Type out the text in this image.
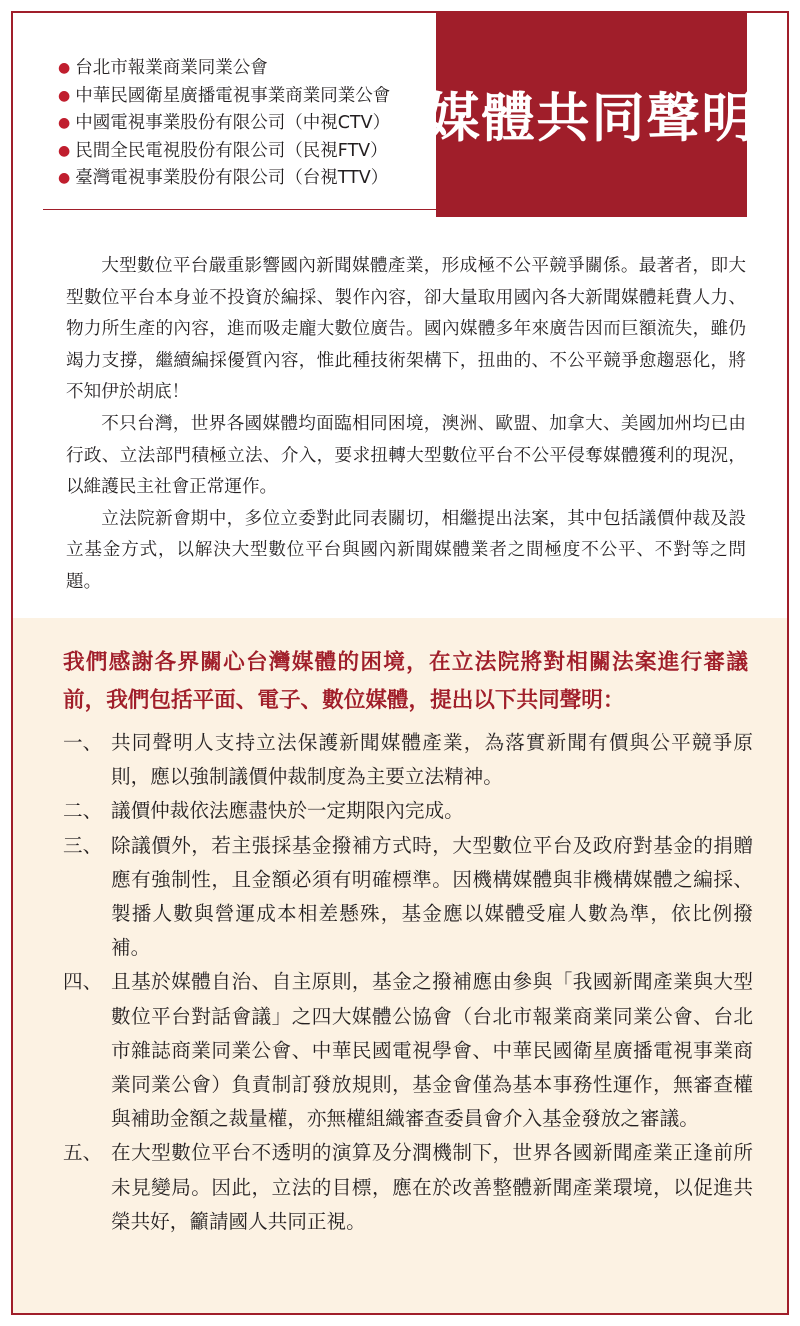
● 台北市報業商業同業公會
● 中華民國衛星廣播電視事業商業同業公會
● 中國電視事業股份有限公司（中視CTV）
● 民間全民電視股份有限公司（民視FTV）
● 臺灣電視事業股份有限公司（台視TTV）
媒體共同聲明

大型數位平台嚴重影響國內新聞媒體產業，形成極不公平競爭關係。最著者，即大型數位平台本身並不投資於編採、製作內容，卻大量取用國內各大新聞媒體耗費人力、物力所生產的內容，進而吸走龐大數位廣告。國內媒體多年來廣告因而巨額流失，雖仍竭力支撐，繼續編採優質內容，惟此種技術架構下，扭曲的、不公平競爭愈趨惡化，將不知伊於胡底！

不只台灣，世界各國媒體均面臨相同困境，澳洲、歐盟、加拿大、美國加州均已由行政、立法部門積極立法、介入，要求扭轉大型數位平台不公平侵奪媒體獲利的現況，以維護民主社會正常運作。

立法院新會期中，多位立委對此同表關切，相繼提出法案，其中包括議價仲裁及設立基金方式，以解決大型數位平台與國內新聞媒體業者之間極度不公平、不對等之問題。

我們感謝各界關心台灣媒體的困境，在立法院將對相關法案進行審議前，我們包括平面、電子、數位媒體，提出以下共同聲明：

一、 共同聲明人支持立法保護新聞媒體產業，為落實新聞有價與公平競爭原則，應以強制議價仲裁制度為主要立法精神。
二、 議價仲裁依法應盡快於一定期限內完成。
三、 除議價外，若主張採基金撥補方式時，大型數位平台及政府對基金的捐贈應有強制性，且金額必須有明確標準。因機構媒體與非機構媒體之編採、製播人數與營運成本相差懸殊，基金應以媒體受雇人數為準，依比例撥補。
四、 且基於媒體自治、自主原則，基金之撥補應由參與「我國新聞產業與大型數位平台對話會議」之四大媒體公協會（台北市報業商業同業公會、台北市雜誌商業同業公會、中華民國電視學會、中華民國衛星廣播電視事業商業同業公會）負責制訂發放規則，基金會僅為基本事務性運作，無審查權與補助金額之裁量權，亦無權組織審查委員會介入基金發放之審議。
五、 在大型數位平台不透明的演算及分潤機制下，世界各國新聞產業正逢前所未見變局。因此，立法的目標，應在於改善整體新聞產業環境，以促進共榮共好，籲請國人共同正視。
